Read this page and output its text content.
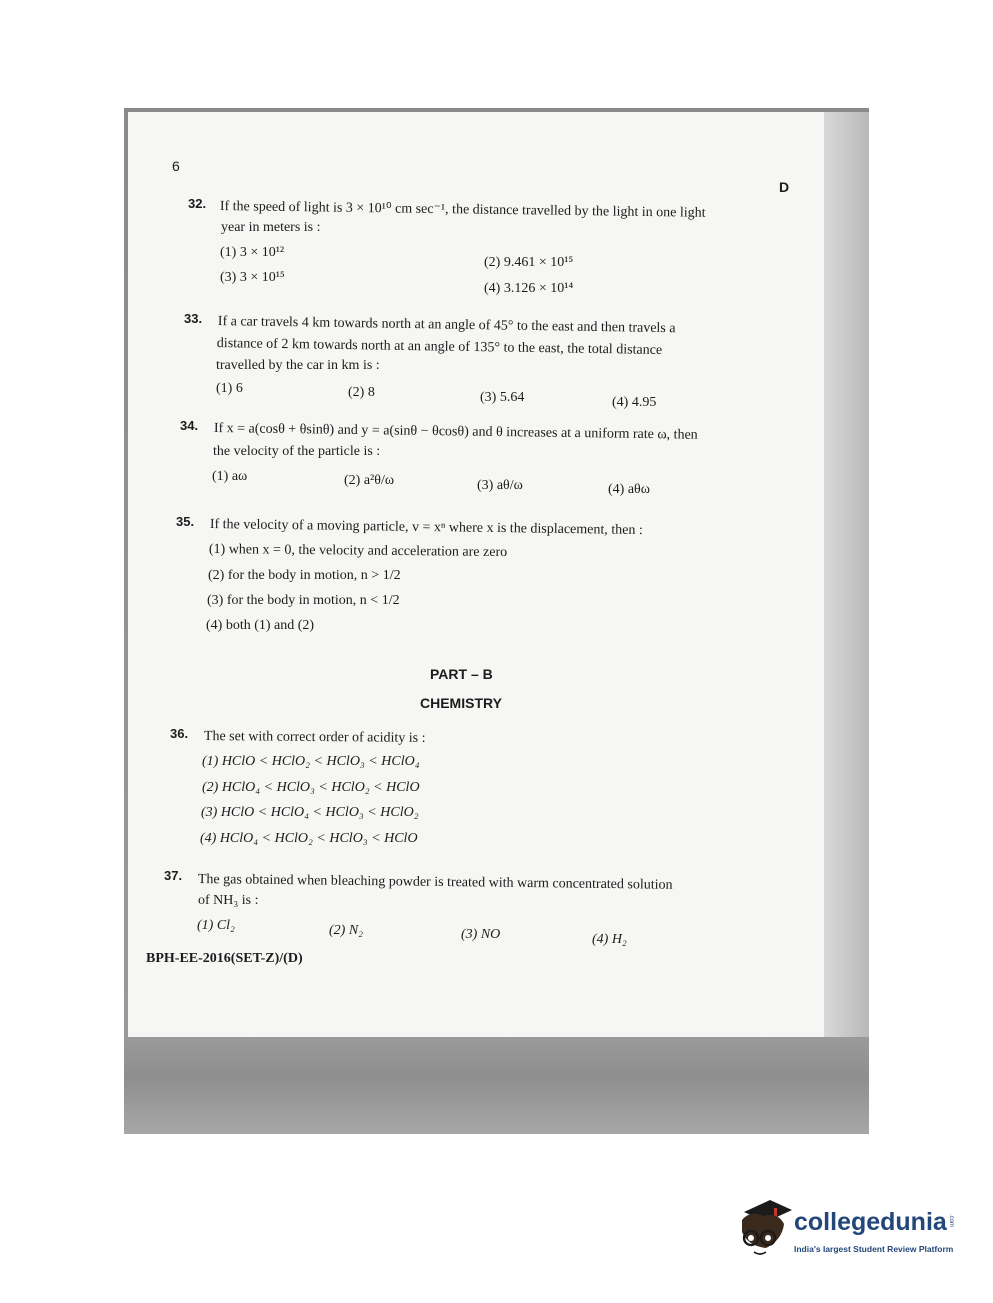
6
D
32. If the speed of light is 3 × 10¹⁰ cm sec⁻¹, the distance travelled by the light in one light
year in meters is :
(1) 3 × 10¹²
(2) 9.461 × 10¹⁵
(3) 3 × 10¹⁵
(4) 3.126 × 10¹⁴
33. If a car travels 4 km towards north at an angle of 45° to the east and then travels a
distance of 2 km towards north at an angle of 135° to the east, the total distance
travelled by the car in km is :
(1) 6	(2) 8	(3) 5.64	(4) 4.95
34. If x = a(cosθ + θsinθ) and y = a(sinθ − θcosθ) and θ increases at a uniform rate ω, then
the velocity of the particle is :
(1) aω	(2) a²θ/ω	(3) aθ/ω	(4) aθω
35. If the velocity of a moving particle, v = xⁿ where x is the displacement, then :
(1) when x = 0, the velocity and acceleration are zero
(2) for the body in motion, n > 1/2
(3) for the body in motion, n < 1/2
(4) both (1) and (2)
PART – B
CHEMISTRY
36. The set with correct order of acidity is :
(1) HClO < HClO₂ < HClO₃ < HClO₄
(2) HClO₄ < HClO₃ < HClO₂ < HClO
(3) HClO < HClO₄ < HClO₃ < HClO₂
(4) HClO₄ < HClO₂ < HClO₃ < HClO
37. The gas obtained when bleaching powder is treated with warm concentrated solution
of NH₃ is :
(1) Cl₂	(2) N₂	(3) NO	(4) H₂
BPH-EE-2016(SET-Z)/(D)
collegedunia .com
India's largest Student Review Platform
